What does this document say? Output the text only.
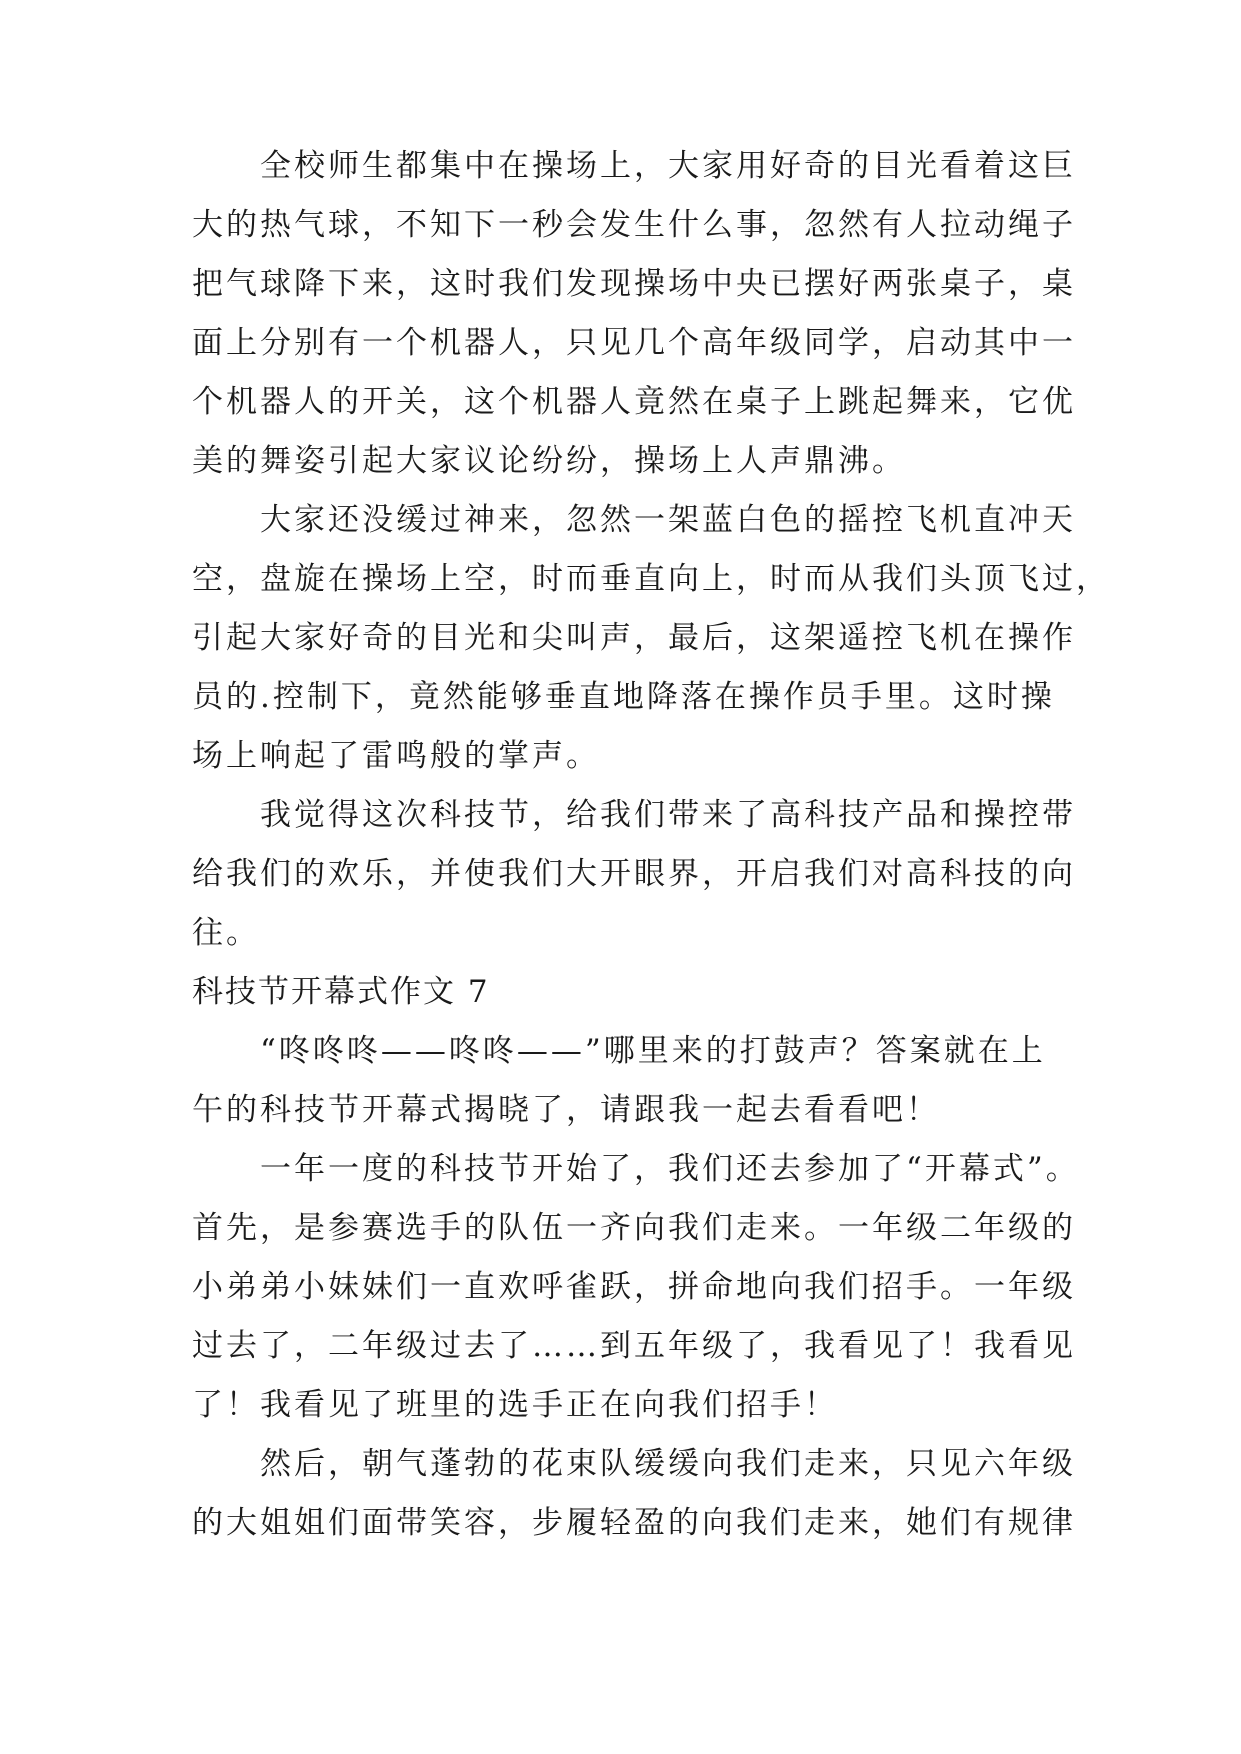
　　全校师生都集中在操场上，大家用好奇的目光看着这巨
大的热气球，不知下一秒会发生什么事，忽然有人拉动绳子
把气球降下来，这时我们发现操场中央已摆好两张桌子，桌
面上分别有一个机器人，只见几个高年级同学，启动其中一
个机器人的开关，这个机器人竟然在桌子上跳起舞来，它优
美的舞姿引起大家议论纷纷，操场上人声鼎沸。
　　大家还没缓过神来，忽然一架蓝白色的摇控飞机直冲天
空，盘旋在操场上空，时而垂直向上，时而从我们头顶飞过，
引起大家好奇的目光和尖叫声，最后，这架遥控飞机在操作
员的.控制下，竟然能够垂直地降落在操作员手里。这时操
场上响起了雷鸣般的掌声。
　　我觉得这次科技节，给我们带来了高科技产品和操控带
给我们的欢乐，并使我们大开眼界，开启我们对高科技的向
往。
科技节开幕式作文 7
　　“咚咚咚——咚咚——”哪里来的打鼓声？答案就在上
午的科技节开幕式揭晓了，请跟我一起去看看吧！
　　一年一度的科技节开始了，我们还去参加了“开幕式”。
首先，是参赛选手的队伍一齐向我们走来。一年级二年级的
小弟弟小妹妹们一直欢呼雀跃，拼命地向我们招手。一年级
过去了，二年级过去了……到五年级了，我看见了！我看见
了！我看见了班里的选手正在向我们招手！
　　然后，朝气蓬勃的花束队缓缓向我们走来，只见六年级
的大姐姐们面带笑容，步履轻盈的向我们走来，她们有规律
